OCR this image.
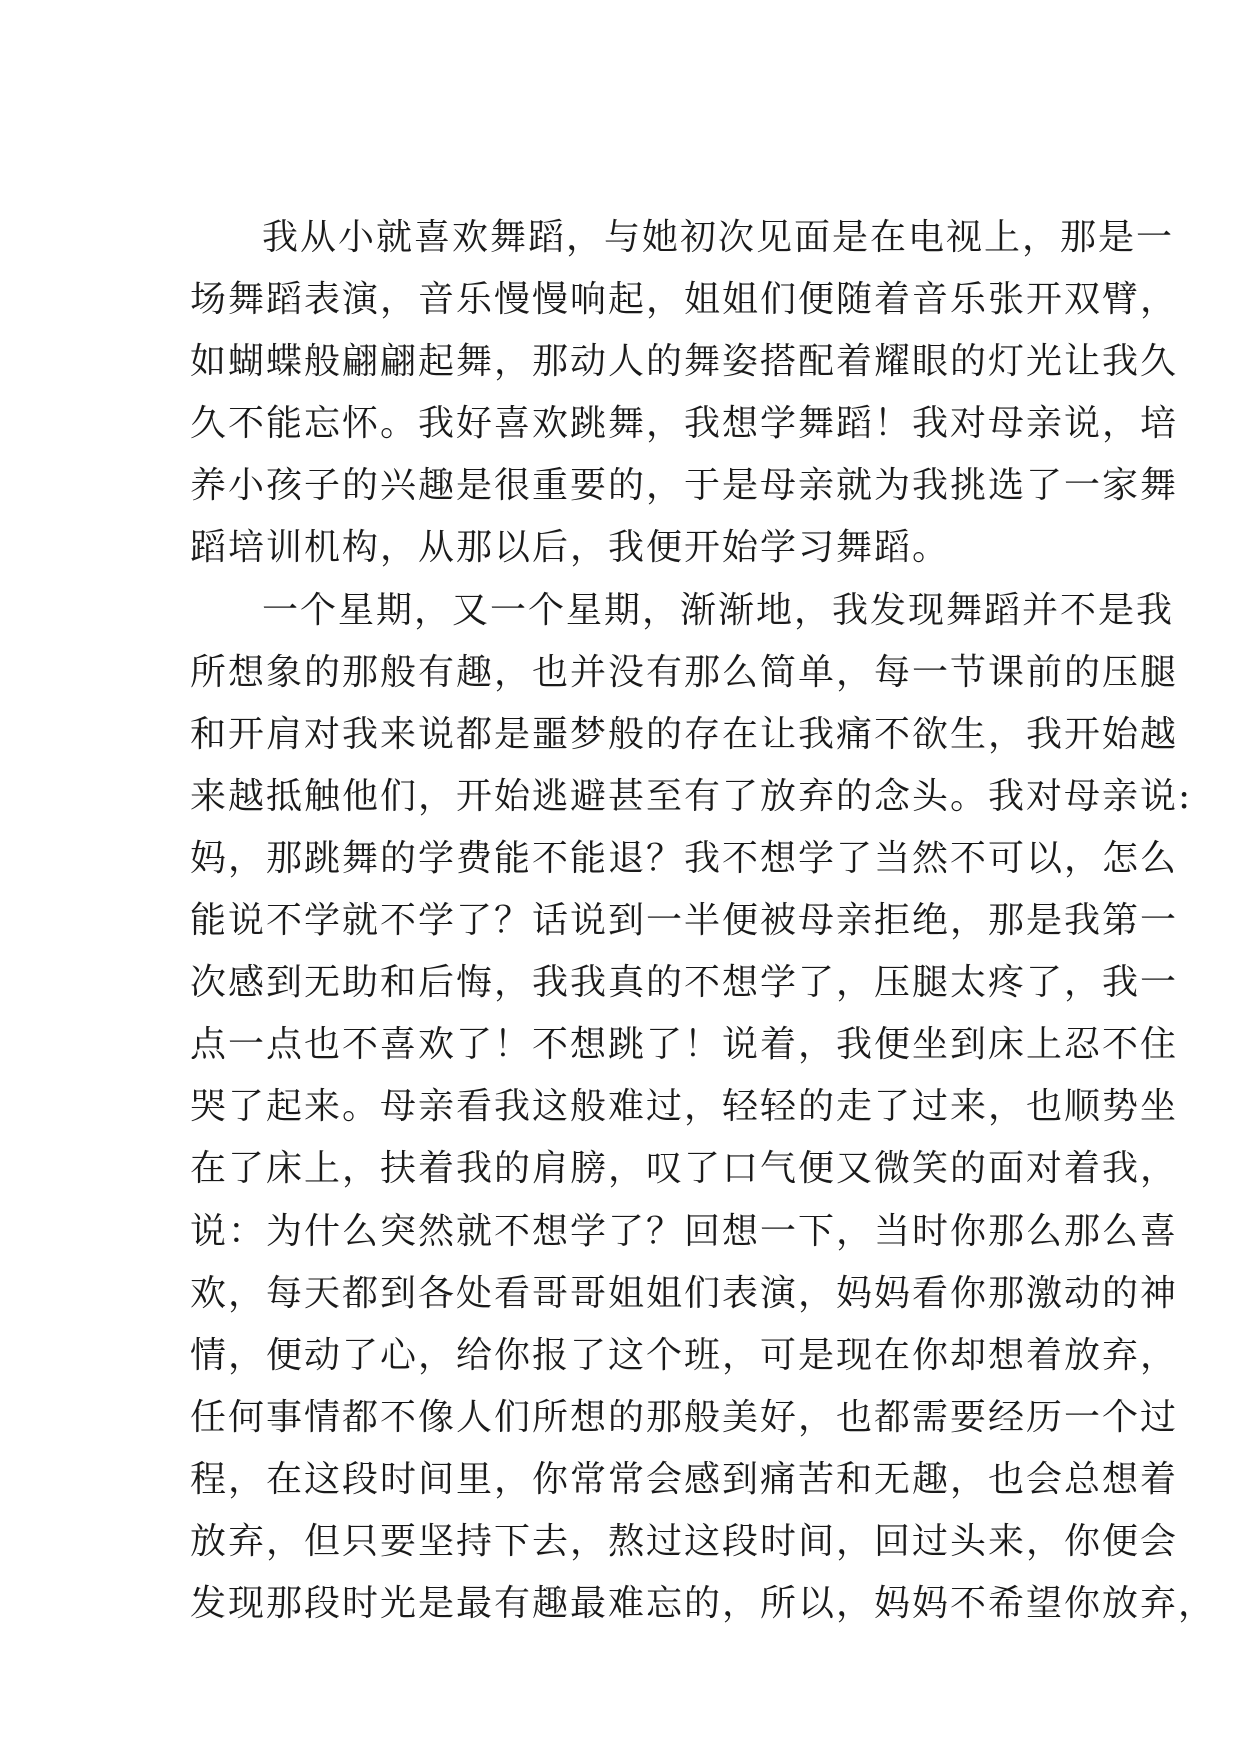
我从小就喜欢舞蹈，与她初次见面是在电视上，那是一
场舞蹈表演，音乐慢慢响起，姐姐们便随着音乐张开双臂，
如蝴蝶般翩翩起舞，那动人的舞姿搭配着耀眼的灯光让我久
久不能忘怀。我好喜欢跳舞，我想学舞蹈！我对母亲说，培
养小孩子的兴趣是很重要的，于是母亲就为我挑选了一家舞
蹈培训机构，从那以后，我便开始学习舞蹈。
一个星期，又一个星期，渐渐地，我发现舞蹈并不是我
所想象的那般有趣，也并没有那么简单，每一节课前的压腿
和开肩对我来说都是噩梦般的存在让我痛不欲生，我开始越
来越抵触他们，开始逃避甚至有了放弃的念头。我对母亲说:
妈，那跳舞的学费能不能退？我不想学了当然不可以，怎么
能说不学就不学了？话说到一半便被母亲拒绝，那是我第一
次感到无助和后悔，我我真的不想学了，压腿太疼了，我一
点一点也不喜欢了！不想跳了！说着，我便坐到床上忍不住
哭了起来。母亲看我这般难过，轻轻的走了过来，也顺势坐
在了床上，扶着我的肩膀，叹了口气便又微笑的面对着我，
说：为什么突然就不想学了？回想一下，当时你那么那么喜
欢，每天都到各处看哥哥姐姐们表演，妈妈看你那激动的神
情，便动了心，给你报了这个班，可是现在你却想着放弃，
任何事情都不像人们所想的那般美好，也都需要经历一个过
程，在这段时间里，你常常会感到痛苦和无趣，也会总想着
放弃，但只要坚持下去，熬过这段时间，回过头来，你便会
发现那段时光是最有趣最难忘的，所以，妈妈不希望你放弃，
